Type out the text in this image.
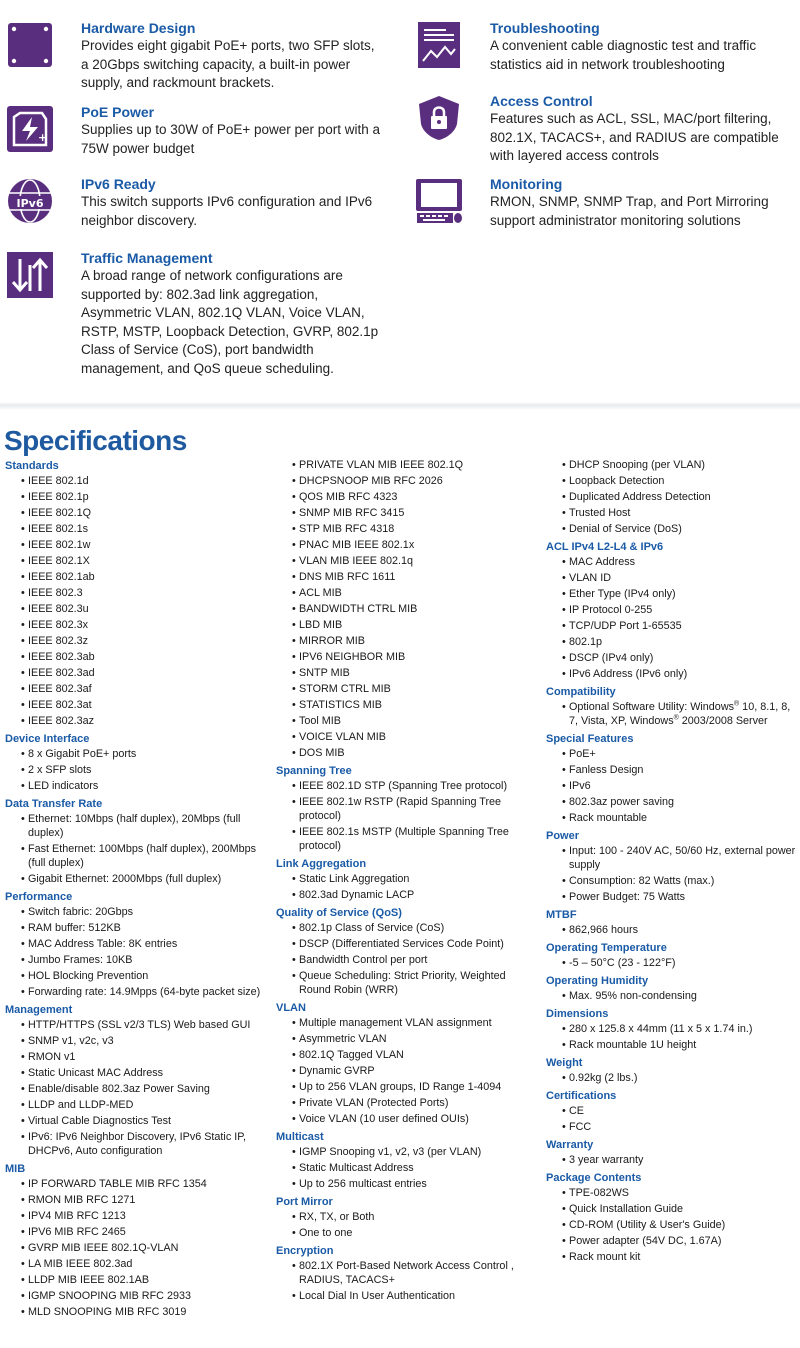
Hardware Design
Provides eight gigabit PoE+ ports, two SFP slots, a 20Gbps switching capacity, a built-in power supply, and rackmount brackets.
Troubleshooting
A convenient cable diagnostic test and traffic statistics aid in network troubleshooting
+
PoE Power
Supplies up to 30W of PoE+ power per port with a 75W power budget
Access Control
Features such as ACL, SSL, MAC/port filtering, 802.1X, TACACS+, and RADIUS are compatible with layered access controls
IPv6
IPv6 Ready
This switch supports IPv6 configuration and IPv6 neighbor discovery.
Monitoring
RMON, SNMP, SNMP Trap, and Port Mirroring support administrator monitoring solutions
Traffic Management
A broad range of network configurations are supported by: 802.3ad link aggregation, Asymmetric VLAN, 802.1Q VLAN, Voice VLAN, RSTP, MSTP, Loopback Detection, GVRP, 802.1p Class of Service (CoS), port bandwidth management, and QoS queue scheduling.
Specifications
Standards
• IEEE 802.1d
• IEEE 802.1p
• IEEE 802.1Q
• IEEE 802.1s
• IEEE 802.1w
• IEEE 802.1X
• IEEE 802.1ab
• IEEE 802.3
• IEEE 802.3u
• IEEE 802.3x
• IEEE 802.3z
• IEEE 802.3ab
• IEEE 802.3ad
• IEEE 802.3af
• IEEE 802.3at
• IEEE 802.3az
Device Interface
• 8 x Gigabit PoE+ ports
• 2 x SFP slots
• LED indicators
Data Transfer Rate
• Ethernet: 10Mbps (half duplex), 20Mbps (full duplex)
• Fast Ethernet: 100Mbps (half duplex), 200Mbps (full duplex)
• Gigabit Ethernet: 2000Mbps (full duplex)
Performance
• Switch fabric: 20Gbps
• RAM buffer: 512KB
• MAC Address Table: 8K entries
• Jumbo Frames: 10KB
• HOL Blocking Prevention
• Forwarding rate: 14.9Mpps (64-byte packet size)
Management
• HTTP/HTTPS (SSL v2/3 TLS) Web based GUI
• SNMP v1, v2c, v3
• RMON v1
• Static Unicast MAC Address
• Enable/disable 802.3az Power Saving
• LLDP and LLDP-MED
• Virtual Cable Diagnostics Test
• IPv6: IPv6 Neighbor Discovery, IPv6 Static IP, DHCPv6, Auto configuration
MIB
• IP FORWARD TABLE MIB RFC 1354
• RMON MIB RFC 1271
• IPV4 MIB RFC 1213
• IPV6 MIB RFC 2465
• GVRP MIB IEEE 802.1Q-VLAN
• LA MIB IEEE 802.3ad
• LLDP MIB IEEE 802.1AB
• IGMP SNOOPING MIB RFC 2933
• MLD SNOOPING MIB RFC 3019
• PRIVATE VLAN MIB IEEE 802.1Q
• DHCPSNOOP MIB RFC 2026
• QOS MIB RFC 4323
• SNMP MIB RFC 3415
• STP MIB RFC 4318
• PNAC MIB IEEE 802.1x
• VLAN MIB IEEE 802.1q
• DNS MIB RFC 1611
• ACL MIB
• BANDWIDTH CTRL MIB
• LBD MIB
• MIRROR MIB
• IPV6 NEIGHBOR MIB
• SNTP MIB
• STORM CTRL MIB
• STATISTICS MIB
• Tool MIB
• VOICE VLAN MIB
• DOS MIB
Spanning Tree
• IEEE 802.1D STP (Spanning Tree protocol)
• IEEE 802.1w RSTP (Rapid Spanning Tree protocol)
• IEEE 802.1s MSTP (Multiple Spanning Tree protocol)
Link Aggregation
• Static Link Aggregation
• 802.3ad Dynamic LACP
Quality of Service (QoS)
• 802.1p Class of Service (CoS)
• DSCP (Differentiated Services Code Point)
• Bandwidth Control per port
• Queue Scheduling: Strict Priority, Weighted Round Robin (WRR)
VLAN
• Multiple management VLAN assignment
• Asymmetric VLAN
• 802.1Q Tagged VLAN
• Dynamic GVRP
• Up to 256 VLAN groups, ID Range 1-4094
• Private VLAN (Protected Ports)
• Voice VLAN (10 user defined OUIs)
Multicast
• IGMP Snooping v1, v2, v3 (per VLAN)
• Static Multicast Address
• Up to 256 multicast entries
Port Mirror
• RX, TX, or Both
• One to one
Encryption
• 802.1X Port-Based Network Access Control , RADIUS, TACACS+
• Local Dial In User Authentication
• DHCP Snooping (per VLAN)
• Loopback Detection
• Duplicated Address Detection
• Trusted Host
• Denial of Service (DoS)
ACL IPv4 L2-L4 & IPv6
• MAC Address
• VLAN ID
• Ether Type (IPv4 only)
• IP Protocol 0-255
• TCP/UDP Port 1-65535
• 802.1p
• DSCP (IPv4 only)
• IPv6 Address (IPv6 only)
Compatibility
• Optional Software Utility: Windows® 10, 8.1, 8, 7, Vista, XP, Windows® 2003/2008 Server
Special Features
• PoE+
• Fanless Design
• IPv6
• 802.3az power saving
• Rack mountable
Power
• Input: 100 - 240V AC, 50/60 Hz, external power supply
• Consumption: 82 Watts (max.)
• Power Budget: 75 Watts
MTBF
• 862,966 hours
Operating Temperature
• -5 – 50°C (23 - 122°F)
Operating Humidity
• Max. 95% non-condensing
Dimensions
• 280 x 125.8 x 44mm (11 x 5 x 1.74 in.)
• Rack mountable 1U height
Weight
• 0.92kg (2 lbs.)
Certifications
• CE
• FCC
Warranty
• 3 year warranty
Package Contents
• TPE-082WS
• Quick Installation Guide
• CD-ROM (Utility & User's Guide)
• Power adapter (54V DC, 1.67A)
• Rack mount kit
